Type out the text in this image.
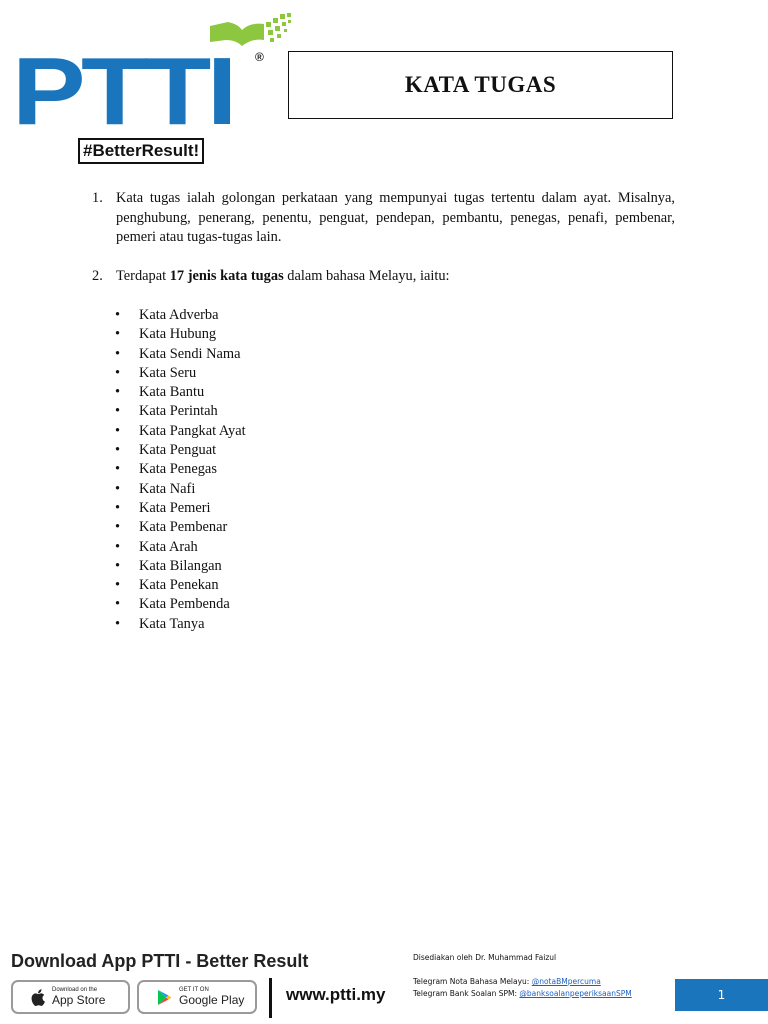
PTTI ®
#BetterResult!
KATA TUGAS
1. Kata tugas ialah golongan perkataan yang mempunyai tugas tertentu dalam ayat. Misalnya, penghubung, penerang, penentu, penguat, pendepan, pembantu, penegas, penafi, pembenar, pemeri atau tugas-tugas lain.
2. Terdapat 17 jenis kata tugas dalam bahasa Melayu, iaitu:
•	Kata Adverba
•	Kata Hubung
•	Kata Sendi Nama
•	Kata Seru
•	Kata Bantu
•	Kata Perintah
•	Kata Pangkat Ayat
•	Kata Penguat
•	Kata Penegas
•	Kata Nafi
•	Kata Pemeri
•	Kata Pembenar
•	Kata Arah
•	Kata Bilangan
•	Kata Penekan
•	Kata Pembenda
•	Kata Tanya
Download App PTTI - Better Result
Download on the
App Store
GET IT ON
Google Play www.ptti.my
Disediakan oleh Dr. Muhammad Faizul
Telegram Nota Bahasa Melayu: @notaBMpercuma
Telegram Bank Soalan SPM: @banksoalanpeperiksaanSPM	1
